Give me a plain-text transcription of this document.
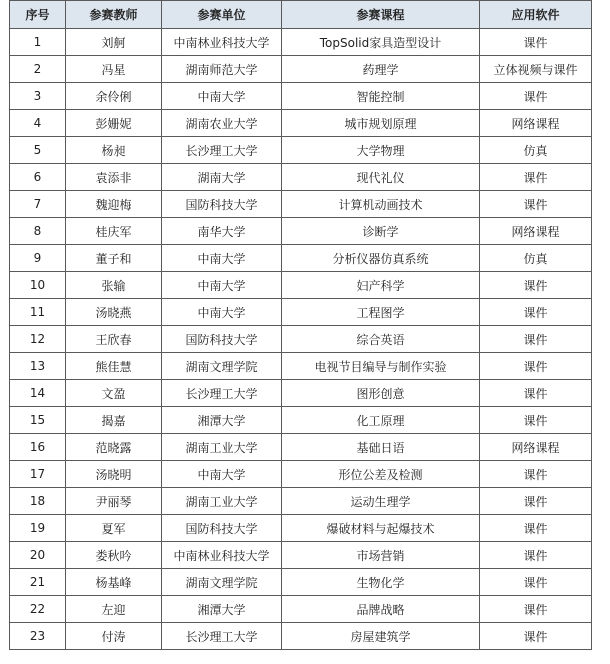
序号	参赛教师	参赛单位	参赛课程	应用软件
1	刘舸	中南林业科技大学	TopSolid家具造型设计	课件
2	冯星	湖南师范大学	药理学	立体视频与课件
3	余伶俐	中南大学	智能控制	课件
4	彭姗妮	湖南农业大学	城市规划原理	网络课程
5	杨昶	长沙理工大学	大学物理	仿真
6	袁添非	湖南大学	现代礼仪	课件
7	魏迎梅	国防科技大学	计算机动画技术	课件
8	桂庆军	南华大学	诊断学	网络课程
9	董子和	中南大学	分析仪器仿真系统	仿真
10	张输	中南大学	妇产科学	课件
11	汤晓燕	中南大学	工程图学	课件
12	王欣春	国防科技大学	综合英语	课件
13	熊佳慧	湖南文理学院	电视节目编导与制作实验	课件
14	文盈	长沙理工大学	图形创意	课件
15	揭嘉	湘潭大学	化工原理	课件
16	范晓露	湖南工业大学	基础日语	网络课程
17	汤晓明	中南大学	形位公差及检测	课件
18	尹丽琴	湖南工业大学	运动生理学	课件
19	夏军	国防科技大学	爆破材料与起爆技术	课件
20	娄秋吟	中南林业科技大学	市场营销	课件
21	杨基峰	湖南文理学院	生物化学	课件
22	左迎	湘潭大学	品牌战略	课件
23	付涛	长沙理工大学	房屋建筑学	课件
